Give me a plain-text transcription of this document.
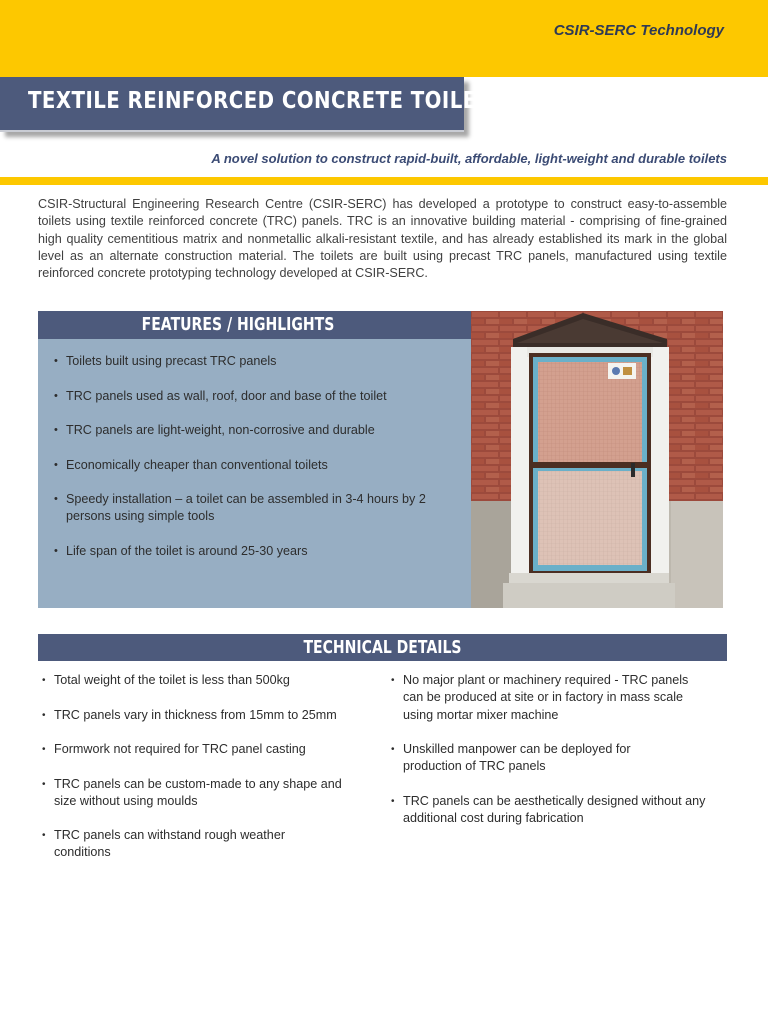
CSIR-SERC Technology
TEXTILE REINFORCED CONCRETE TOILET
A novel solution to construct rapid-built, affordable, light-weight and durable toilets

CSIR-Structural Engineering Research Centre (CSIR-SERC) has developed a prototype to construct easy-to-assemble toilets using textile reinforced concrete (TRC) panels. TRC is an innovative building material - comprising of fine-grained high quality cementitious matrix and nonmetallic alkali-resistant textile, and has already established its mark in the global level as an alternate construction material. The toilets are built using precast TRC panels, manufactured using textile reinforced concrete prototyping technology developed at CSIR-SERC.

FEATURES / HIGHLIGHTS
• Toilets built using precast TRC panels
• TRC panels used as wall, roof, door and base of the toilet
• TRC panels are light-weight, non-corrosive and durable
• Economically cheaper than conventional toilets
• Speedy installation – a toilet can be assembled in 3-4 hours by 2 persons using simple tools
• Life span of the toilet is around 25-30 years
TECHNICAL DETAILS
• Total weight of the toilet is less than 500kg
• TRC panels vary in thickness from 15mm to 25mm
• Formwork not required for TRC panel casting
• TRC panels can be custom-made to any shape and size without using moulds
• TRC panels can withstand rough weather conditions
• No major plant or machinery required - TRC panels can be produced at site or in factory in mass scale using mortar mixer machine
• Unskilled manpower can be deployed for production of TRC panels
• TRC panels can be aesthetically designed without any additional cost during fabrication
